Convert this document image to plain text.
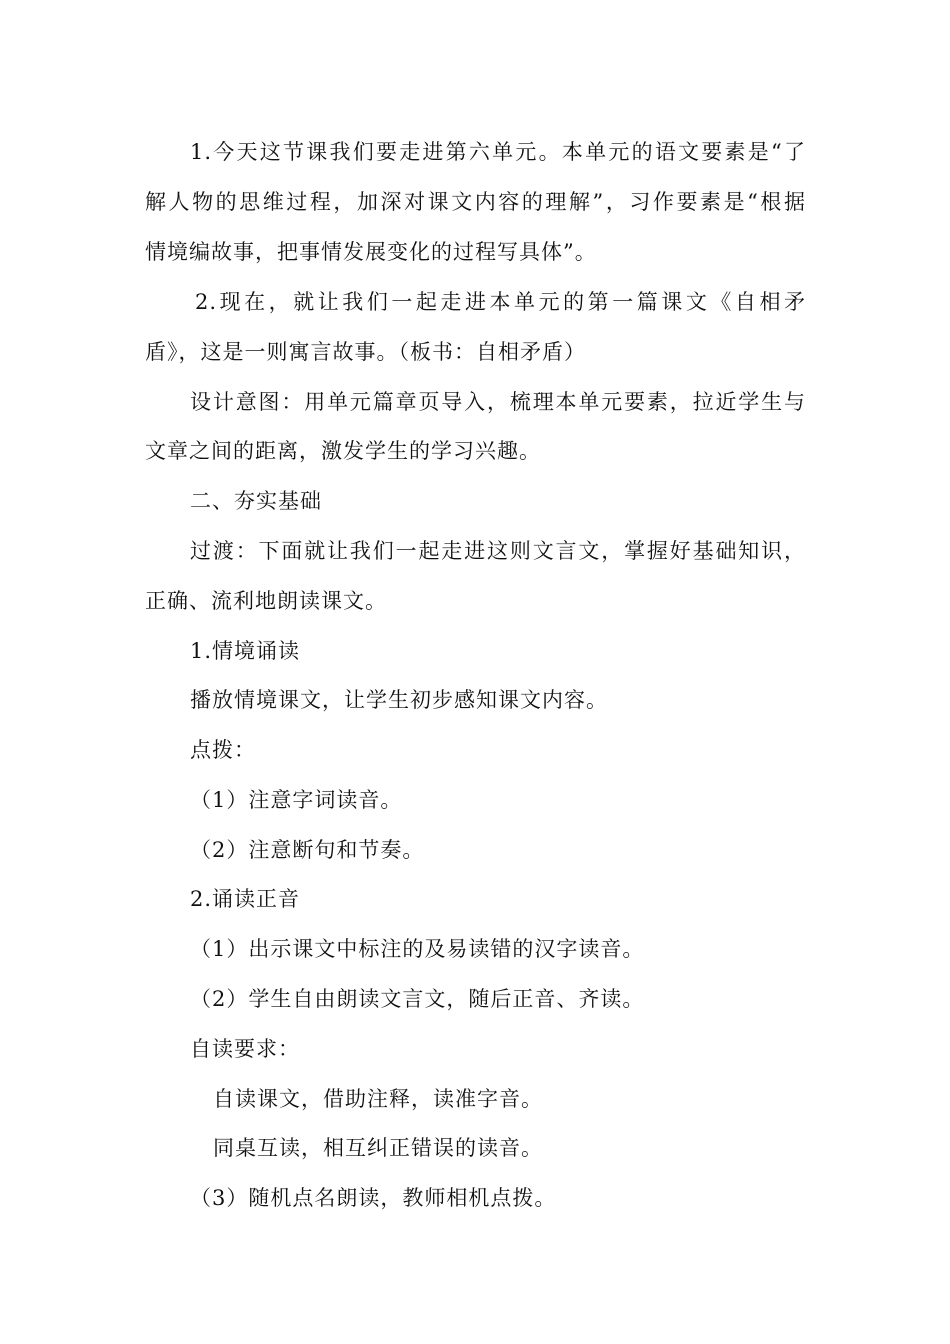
1.今天这节课我们要走进第六单元。本单元的语文要素是“了
解人物的思维过程，加深对课文内容的理解”，习作要素是“根据
情境编故事，把事情发展变化的过程写具体”。
2.现在，就让我们一起走进本单元的第一篇课文《自相矛
盾》，这是一则寓言故事。（板书：自相矛盾）
设计意图：用单元篇章页导入，梳理本单元要素，拉近学生与
文章之间的距离，激发学生的学习兴趣。
二、夯实基础
过渡：下面就让我们一起走进这则文言文，掌握好基础知识，
正确、流利地朗读课文。
1.情境诵读
播放情境课文，让学生初步感知课文内容。
点拨：
（1）注意字词读音。
（2）注意断句和节奏。
2.诵读正音
（1）出示课文中标注的及易读错的汉字读音。
（2）学生自由朗读文言文，随后正音、齐读。
自读要求：
自读课文，借助注释，读准字音。
同桌互读，相互纠正错误的读音。
（3）随机点名朗读，教师相机点拨。
